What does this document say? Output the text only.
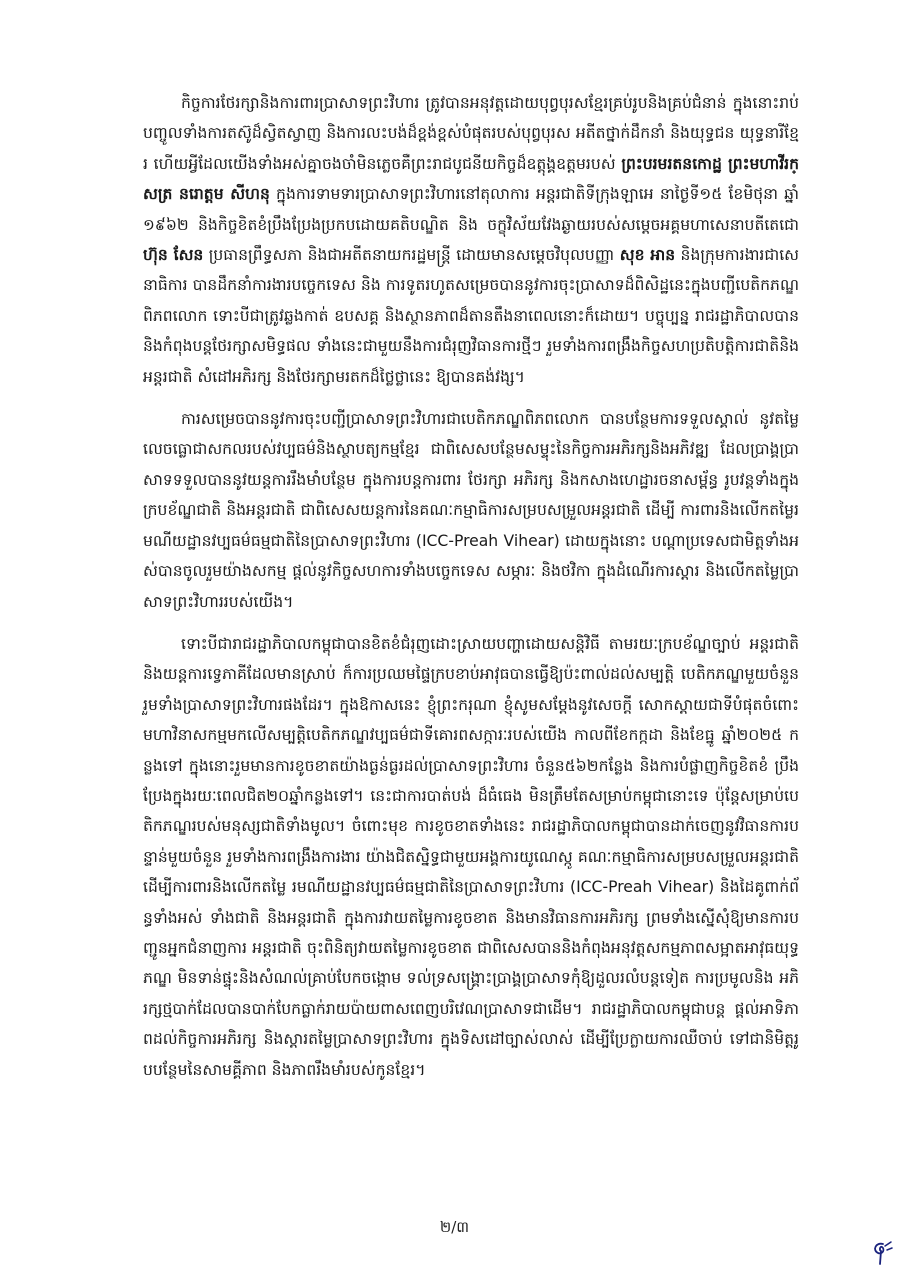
កិច្ចការថែរក្សានិងការពារប្រាសាទព្រះវិហារ ត្រូវបានអនុវត្តដោយបុព្វបុរសខ្មែរគ្រប់រូបនិងគ្រប់ជំនាន់ ក្នុងនោះរាប់បញ្ចូលទាំងការតស៊ូដ៏ស្វិតស្វាញ និងការលះបង់ដ៏ខ្ពង់ខ្ពស់បំផុតរបស់បុព្វបុរស អតីតថ្នាក់ដឹកនាំ និងយុទ្ធជន យុទ្ធនារីខ្មែរ ហើយអ្វីដែលយើងទាំងអស់គ្នាចងចាំមិនភ្លេចគឺព្រះរាជបូជនីយកិច្ចដ៏ឧត្តុង្គឧត្តមរបស់ ព្រះបរមរតនកោដ្ឋ ព្រះមហាវីរក្សត្រ នរោត្តម សីហនុ ក្នុងការទាមទារប្រាសាទព្រះវិហារនៅតុលាការ អន្តរជាតិទីក្រុងឡាអេ នាថ្ងៃទី១៥ ខែមិថុនា ឆ្នាំ១៩៦២ និងកិច្ចខិតខំប្រឹងប្រែងប្រកបដោយគតិបណ្ឌិត និង ចក្ខុវិស័យវែងឆ្ងាយរបស់សម្តេចអគ្គមហាសេនាបតីតេជោ ហ៊ុន សែន ប្រធានព្រឹទ្ធសភា និងជាអតីតនាយករដ្ឋមន្ត្រី ដោយមានសម្តេចវិបុលបញ្ញា សុខ អាន និងក្រុមការងារជាសេនាធិការ បានដឹកនាំការងារបច្ចេកទេស និង ការទូតរហូតសម្រេចបាននូវការចុះប្រាសាទដ៏ពិសិដ្ឋនេះក្នុងបញ្ជីបេតិកភណ្ឌពិភពលោក ទោះបីជាត្រូវឆ្លងកាត់ ឧបសគ្គ និងស្ថានភាពដ៏តានតឹងនាពេលនោះក៏ដោយ។ បច្ចុប្បន្ន រាជរដ្ឋាភិបាលបាននិងកំពុងបន្តថែរក្សាសមិទ្ធផល ទាំងនេះជាមួយនឹងការជំរុញវិធានការថ្មីៗ រួមទាំងការពង្រឹងកិច្ចសហប្រតិបត្តិការជាតិនិងអន្តរជាតិ សំដៅអភិរក្ស និងថែរក្សាមរតកដ៏ថ្លៃថ្លានេះ ឱ្យបានគង់វង្ស។

ការសម្រេចបាននូវការចុះបញ្ជីប្រាសាទព្រះវិហារជាបេតិកភណ្ឌពិភពលោក បានបន្ថែមការទទួលស្គាល់ នូវតម្លៃលេចធ្លោជាសកលរបស់វប្បធម៌និងស្ថាបត្យកម្មខ្មែរ ជាពិសេសបន្ថែមសម្ទុះនៃកិច្ចការអភិរក្សនិងអភិវឌ្ឍ ដែលប្រាង្គប្រាសាទទទួលបាននូវយន្តការរឹងមាំបន្ថែម ក្នុងការបន្តការពារ ថែរក្សា អភិរក្ស និងកសាងហេដ្ឋារចនាសម្ព័ន្ធ រូបវន្តទាំងក្នុងក្របខ័ណ្ឌជាតិ និងអន្តរជាតិ ជាពិសេសយន្តការនៃគណៈកម្មាធិការសម្របសម្រួលអន្តរជាតិ ដើម្បី ការពារនិងលើកតម្លៃរមណីយដ្ឋានវប្បធម៌ធម្មជាតិនៃប្រាសាទព្រះវិហារ (ICC-Preah Vihear) ដោយក្នុងនោះ បណ្តាប្រទេសជាមិត្តទាំងអស់បានចូលរួមយ៉ាងសកម្ម ផ្តល់នូវកិច្ចសហការទាំងបច្ចេកទេស សម្ភារៈ និងថវិកា ក្នុងដំណើរការស្តារ និងលើកតម្លៃប្រាសាទព្រះវិហាររបស់យើង។

ទោះបីជារាជរដ្ឋាភិបាលកម្ពុជាបានខិតខំជំរុញដោះស្រាយបញ្ហាដោយសន្តិវិធី តាមរយៈក្របខ័ណ្ឌច្បាប់ អន្តរជាតិ និងយន្តការទ្វេភាគីដែលមានស្រាប់ ក៏ការប្រឈមផ្ទៃក្របខាប់អាវុធបានធ្វើឱ្យប៉ះពាល់ដល់សម្បត្តិ បេតិកភណ្ឌមួយចំនួន រួមទាំងប្រាសាទព្រះវិហារផងដែរ។ ក្នុងឱកាសនេះ ខ្ញុំព្រះករុណា ខ្ញុំសូមសម្តែងនូវសេចក្តី សោកស្តាយជាទីបំផុតចំពោះមហាវិនាសកម្មមកលើសម្បត្តិបេតិកភណ្ឌវប្បធម៌ជាទីគោរពសក្ការៈរបស់យើង កាលពីខែកក្កដា និងខែធ្នូ ឆ្នាំ២០២៥ កន្លងទៅ ក្នុងនោះរួមមានការខូចខាតយ៉ាងធ្ងន់ធ្ងរដល់ប្រាសាទព្រះវិហារ ចំនួន៥៦២កន្លែង និងការបំផ្លាញកិច្ចខិតខំ ប្រឹងប្រែងក្នុងរយៈពេលជិត២០ឆ្នាំកន្លងទៅ។ នេះជាការបាត់បង់ ដ៏ធំធេង មិនត្រឹមតែសម្រាប់កម្ពុជានោះទេ ប៉ុន្តែសម្រាប់បេតិកភណ្ឌរបស់មនុស្សជាតិទាំងមូល។ ចំពោះមុខ ការខូចខាតទាំងនេះ រាជរដ្ឋាភិបាលកម្ពុជាបានដាក់ចេញនូវវិធានការបន្ទាន់មួយចំនួន រួមទាំងការពង្រឹងការងារ យ៉ាងជិតស្និទ្ធជាមួយអង្គការយូណេស្កូ គណៈកម្មាធិការសម្របសម្រួលអន្តរជាតិ ដើម្បីការពារនិងលើកតម្លៃ រមណីយដ្ឋានវប្បធម៌ធម្មជាតិនៃប្រាសាទព្រះវិហារ (ICC-Preah Vihear) និងដៃគូពាក់ព័ន្ធទាំងអស់ ទាំងជាតិ និងអន្តរជាតិ ក្នុងការវាយតម្លៃការខូចខាត និងមានវិធានការអភិរក្ស ព្រមទាំងស្នើសុំឱ្យមានការបញ្ជូនអ្នកជំនាញការ អន្តរជាតិ ចុះពិនិត្យវាយតម្លៃការខូចខាត ជាពិសេសបាននិងកំពុងអនុវត្តសកម្មភាពសម្អាតអាវុធយុទ្ធភណ្ឌ មិនទាន់ផ្ទុះនិងសំណល់គ្រាប់បែកចង្កោម ទល់ទ្រសង្គ្រោះប្រាង្គប្រាសាទកុំឱ្យដួលរលំបន្តទៀត ការប្រមូលនិង អភិរក្សថ្មបាក់ដែលបានបាក់បែកធ្លាក់រាយប៉ាយពាសពេញបរិវេណប្រាសាទជាដើម។ រាជរដ្ឋាភិបាលកម្ពុជាបន្ត ផ្តល់អាទិភាពដល់កិច្ចការអភិរក្ស និងស្តារតម្លៃប្រាសាទព្រះវិហារ ក្នុងទិសដៅច្បាស់លាស់ ដើម្បីប្រែក្លាយការឈឺចាប់ ទៅជានិមិត្តរូបបន្ថែមនៃសាមគ្គីភាព និងភាពរឹងមាំរបស់កូនខ្មែរ។

២/៣
